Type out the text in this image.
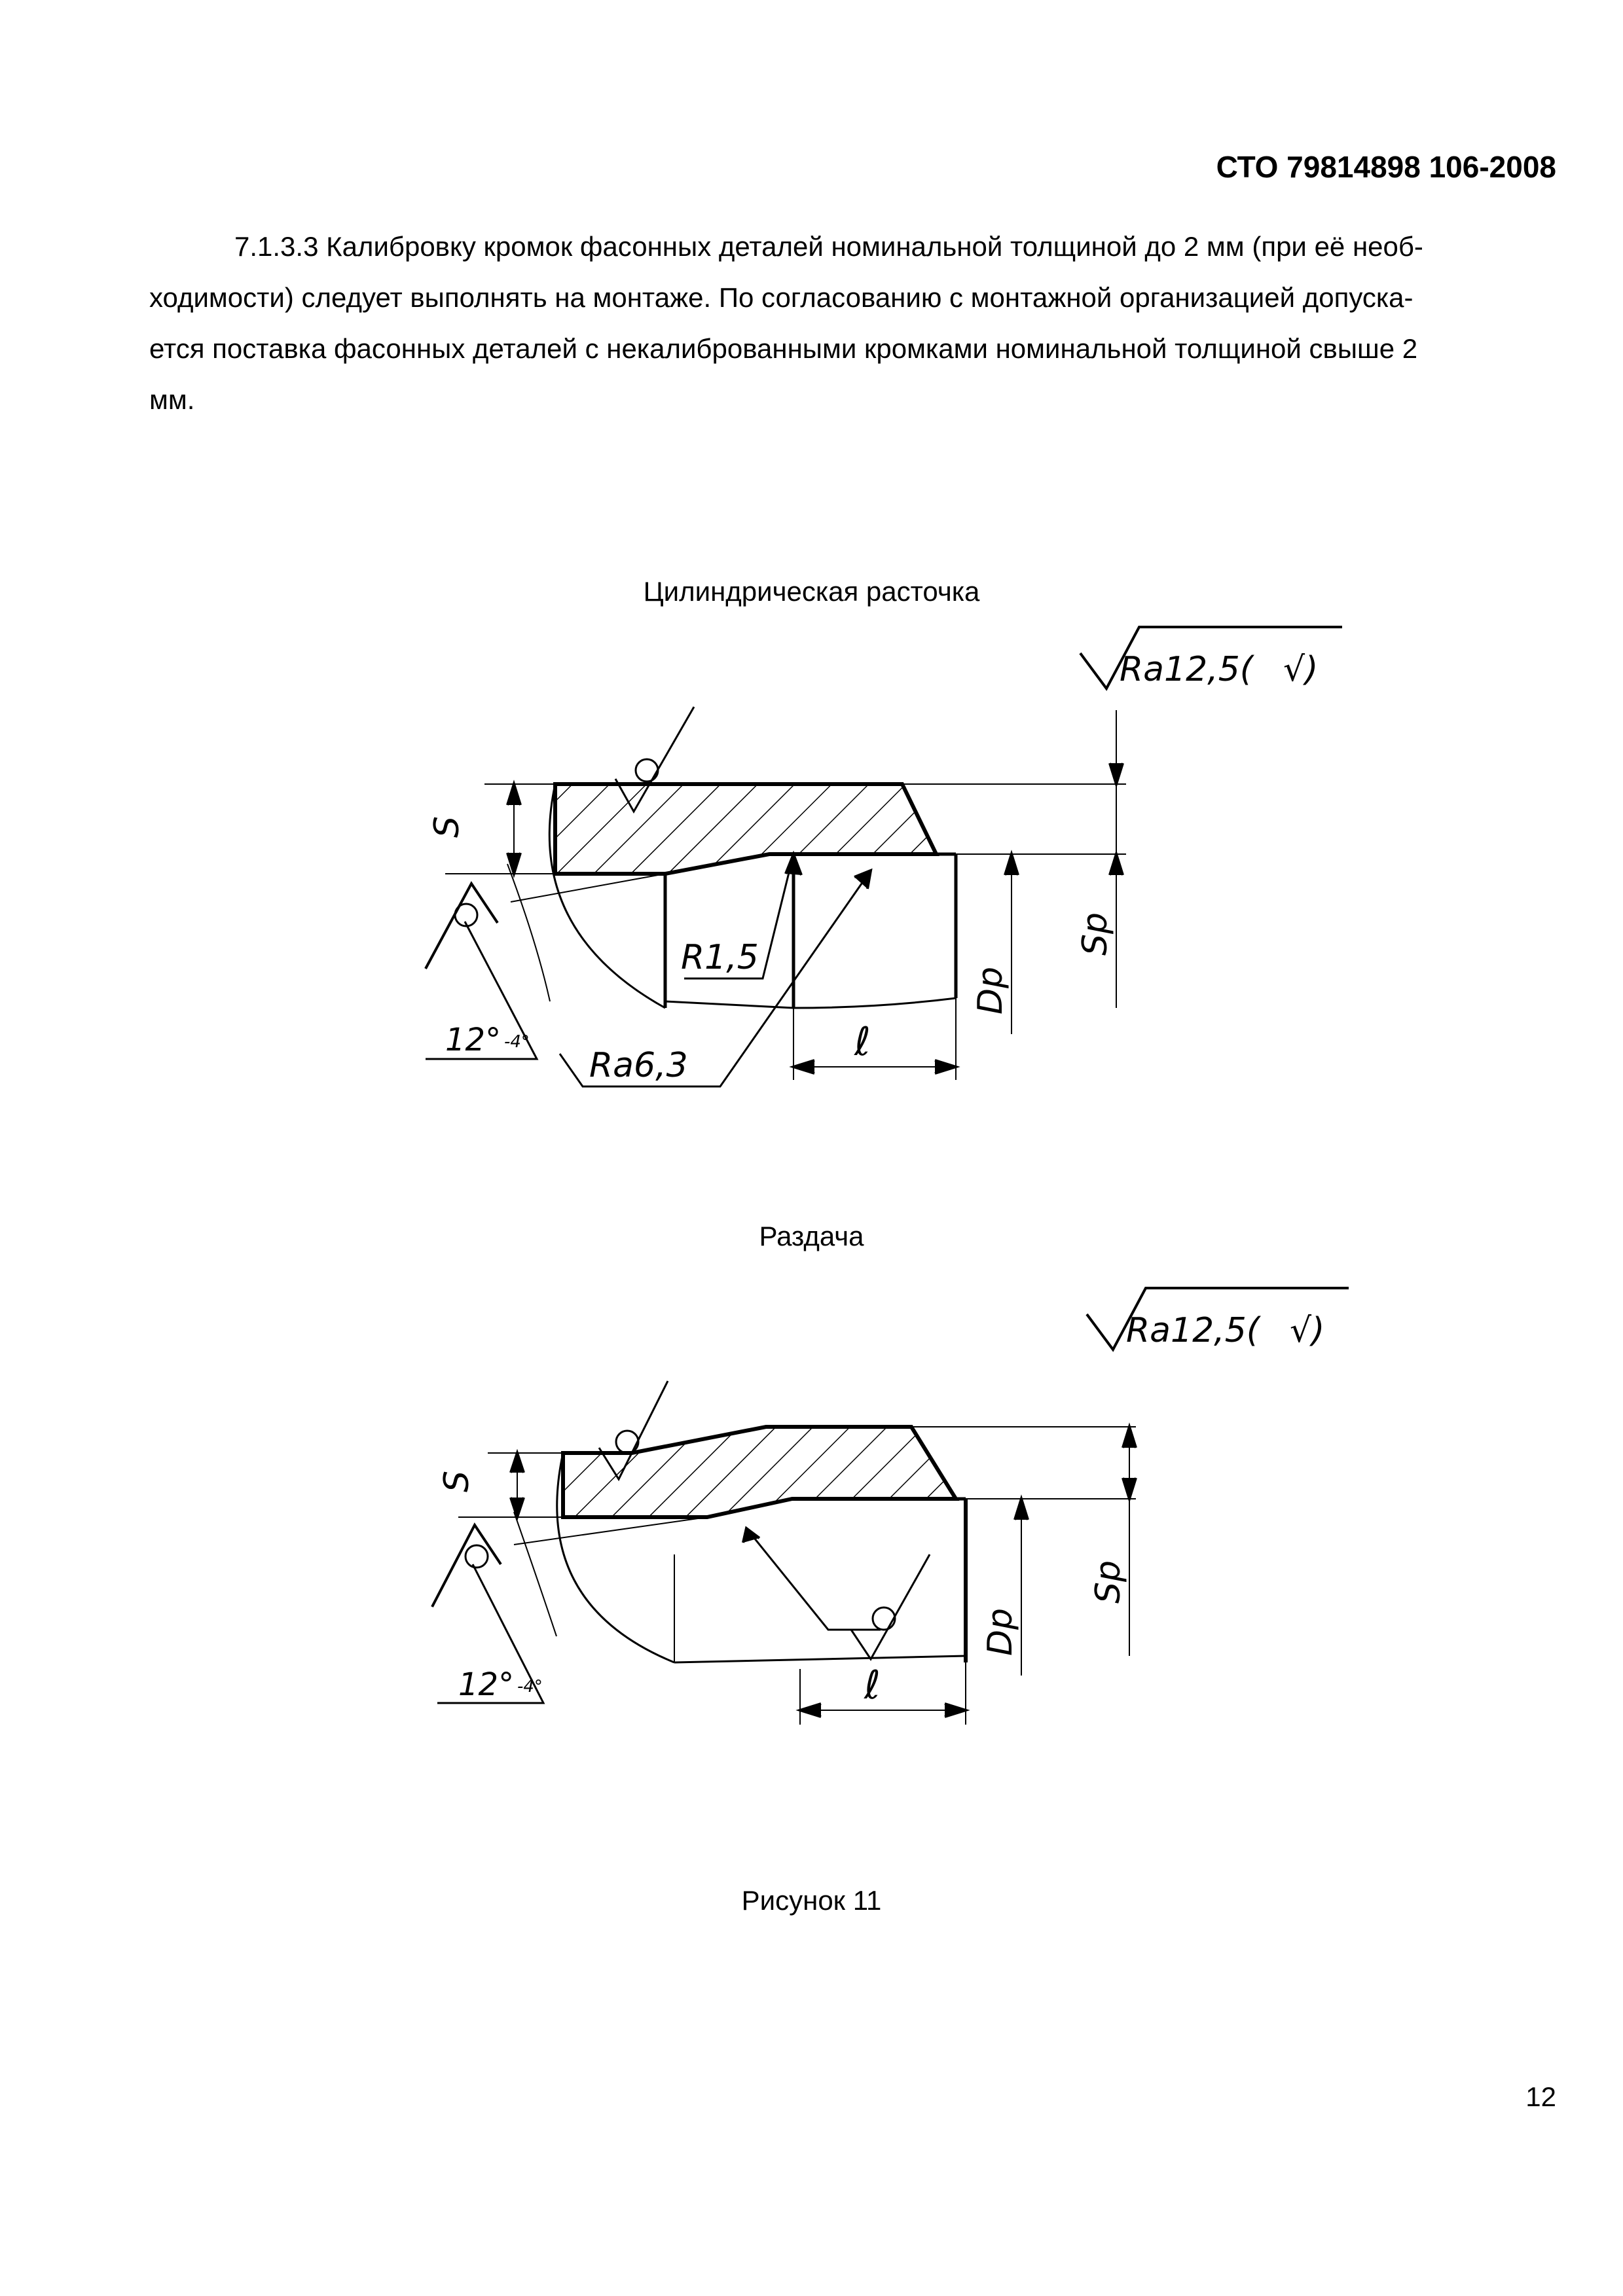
СТО 79814898 106-2008
7.1.3.3 Калибровку кромок фасонных деталей номинальной толщиной до 2 мм (при её необ-
ходимости) следует выполнять на монтаже. По согласованию с монтажной организацией допуска-
ется поставка фасонных деталей с некалиброванными кромками номинальной толщиной свыше 2
мм.
Цилиндрическая расточка
Ra12,5( √)
R1,5
12° -4°
Ra6,3
S
Dp
Sp
ℓ
Раздача
Ra12,5( √)
12° -4°
S
Dp
Sp
ℓ
Рисунок 11
12
